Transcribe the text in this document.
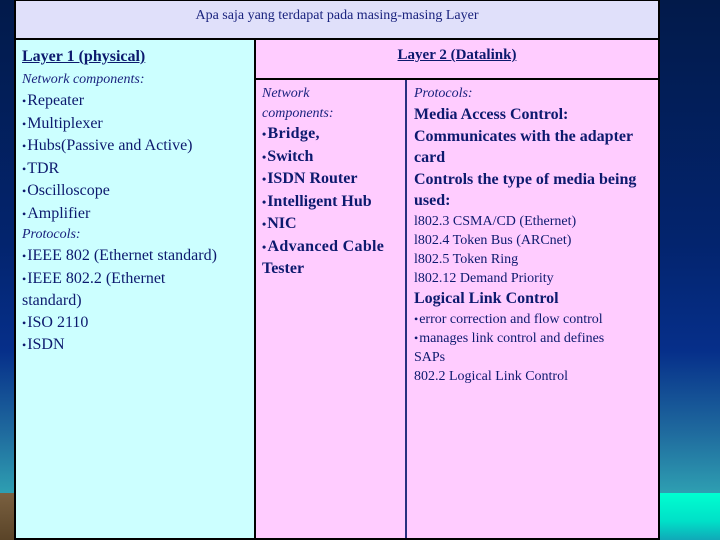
Apa saja yang terdapat pada masing-masing Layer
Layer 1 (physical)
Network components:
• Repeater
• Multiplexer
• Hubs(Passive and Active)
• TDR
• Oscilloscope
• Amplifier
Protocols:
• IEEE 802 (Ethernet standard)
• IEEE 802.2 (Ethernet
standard)
• ISO 2110
• ISDN
Layer 2 (Datalink)
Network
components:
• Bridge,
• Switch
• ISDN Router
• Intelligent Hub
• NIC
• Advanced Cable
Tester
Protocols:
Media Access Control:
Communicates with the adapter
card
Controls the type of media being
used:
l802.3 CSMA/CD (Ethernet)
l802.4 Token Bus (ARCnet)
l802.5 Token Ring
l802.12 Demand Priority
Logical Link Control
• error correction and flow control
• manages link control and defines
SAPs
802.2 Logical Link Control
